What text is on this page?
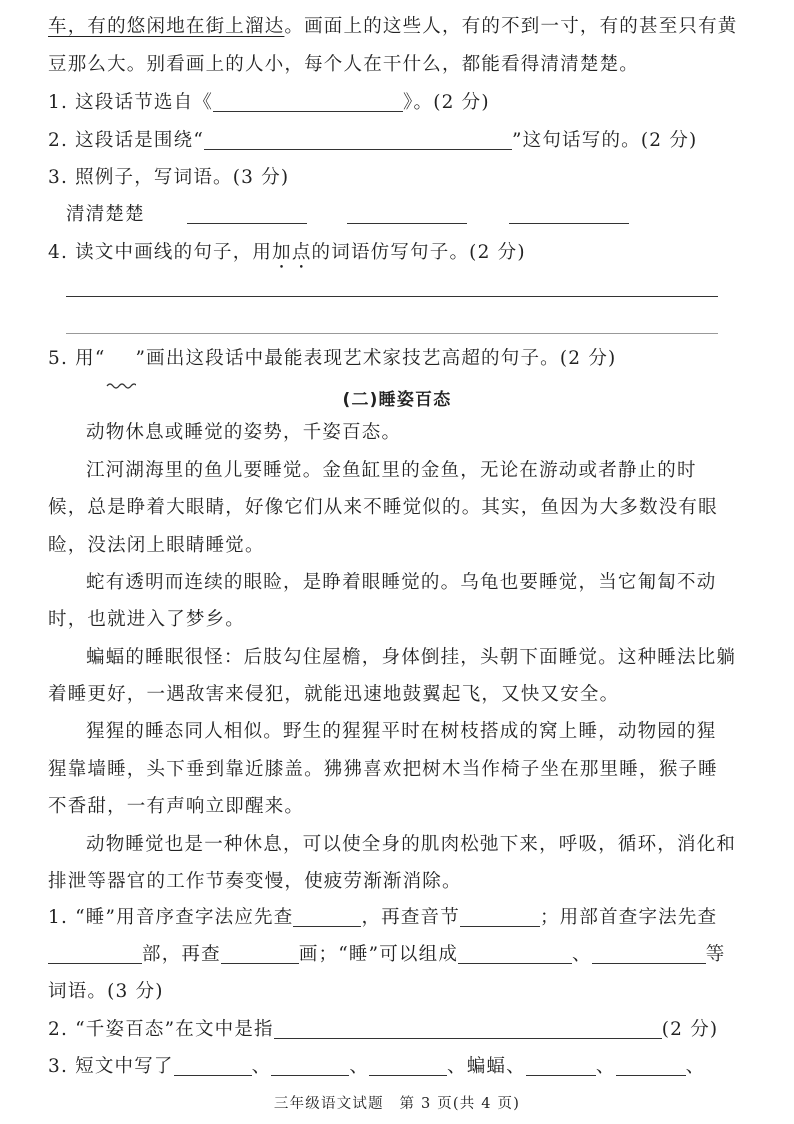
车，有的悠闲地在街上溜达。画面上的这些人，有的不到一寸，有的甚至只有黄
豆那么大。别看画上的人小，每个人在干什么，都能看得清清楚楚。
1. 这段话节选自《	》。(2 分)
2. 这段话是围绕“	”这句话写的。(2 分)
3. 照例子，写词语。(3 分)
清清楚楚
4. 读文中画线的句子，用加点的词语仿写句子。(2 分)
5. 用“ ”画出这段话中最能表现艺术家技艺高超的句子。(2 分)
(二)睡姿百态
动物休息或睡觉的姿势，千姿百态。
江河湖海里的鱼儿要睡觉。金鱼缸里的金鱼，无论在游动或者静止的时
候，总是睁着大眼睛，好像它们从来不睡觉似的。其实，鱼因为大多数没有眼
睑，没法闭上眼睛睡觉。
蛇有透明而连续的眼睑，是睁着眼睡觉的。乌龟也要睡觉，当它匍匐不动
时，也就进入了梦乡。
蝙蝠的睡眠很怪：后肢勾住屋檐，身体倒挂，头朝下面睡觉。这种睡法比躺
着睡更好，一遇敌害来侵犯，就能迅速地鼓翼起飞，又快又安全。
猩猩的睡态同人相似。野生的猩猩平时在树枝搭成的窝上睡，动物园的猩
猩靠墙睡，头下垂到靠近膝盖。狒狒喜欢把树木当作椅子坐在那里睡，猴子睡
不香甜，一有声响立即醒来。
动物睡觉也是一种休息，可以使全身的肌肉松弛下来，呼吸，循环，消化和
排泄等器官的工作节奏变慢，使疲劳渐渐消除。
1. “睡”用音序查字法应先查	，再查音节	；用部首查字法先查
部，再查	画；“睡”可以组成	、	等
词语。(3 分)
2. “千姿百态”在文中是指	(2 分)
3. 短文中写了	、	、	、蝙蝠、	、	、
三年级语文试题　第 3 页(共 4 页)
